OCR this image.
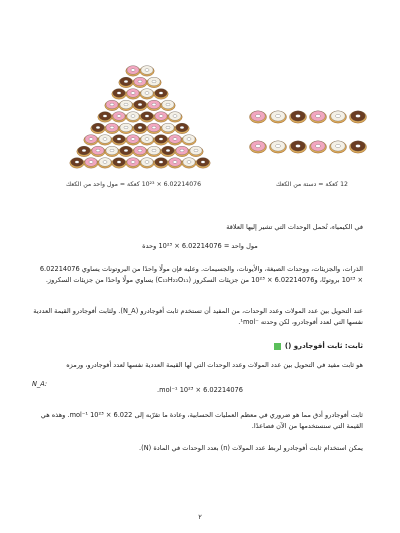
6.02214076 × 10²³ كعكة = مول واحد من الكعك	12 كعكة = دستة من الكعك
في الكيمياء، تُحمل الوحدات التي تشير إليها العلاقة
مول واحد = 6.02214076 × 10²³ وحدة
الذرات، والجزيئات، ووحدات الصيغة، والأيونات، والجسيمات. وعليه فإن مولًا واحدًا من البروتونات يساوي 6.02214076 × 10²³ بروتونًا، و6.02214076 × 10²³ من جزيئات السكروز (C₁₂H₂₂O₁₁) يساوي مولًا واحدًا من جزيئات السكروز.
عند التحويل بين عدد المولات وعدد الوحدات، من المفيد أن تستخدم ثابت أفوجادرو (N_A). ولثابت أفوجادرو القيمة العددية نفسها التي لعدد أفوجادرو، لكن وحدته ⁻¹mol.
ثابت: ثابت أفوجادرو ()
هو ثابت مفيد في التحويل بين عدد المولات وعدد الوحدات التي لها القيمة العددية نفسها لعدد أفوجادرو، ورمزه
N_A:
6.02214076 × 10²³ mol⁻¹.
ثابت أفوجادرو أدق مما هو ضروري في معظم العمليات الحسابية، وعادة ما تقرّبه إلى 6.022 × 10²³ mol⁻¹. وهذه هي القيمة التي سنستخدمها من الآن فصاعدًا.
يمكن استخدام ثابت أفوجادرو لربط عدد المولات (n) بعدد الوحدات في المادة (N).
٢
